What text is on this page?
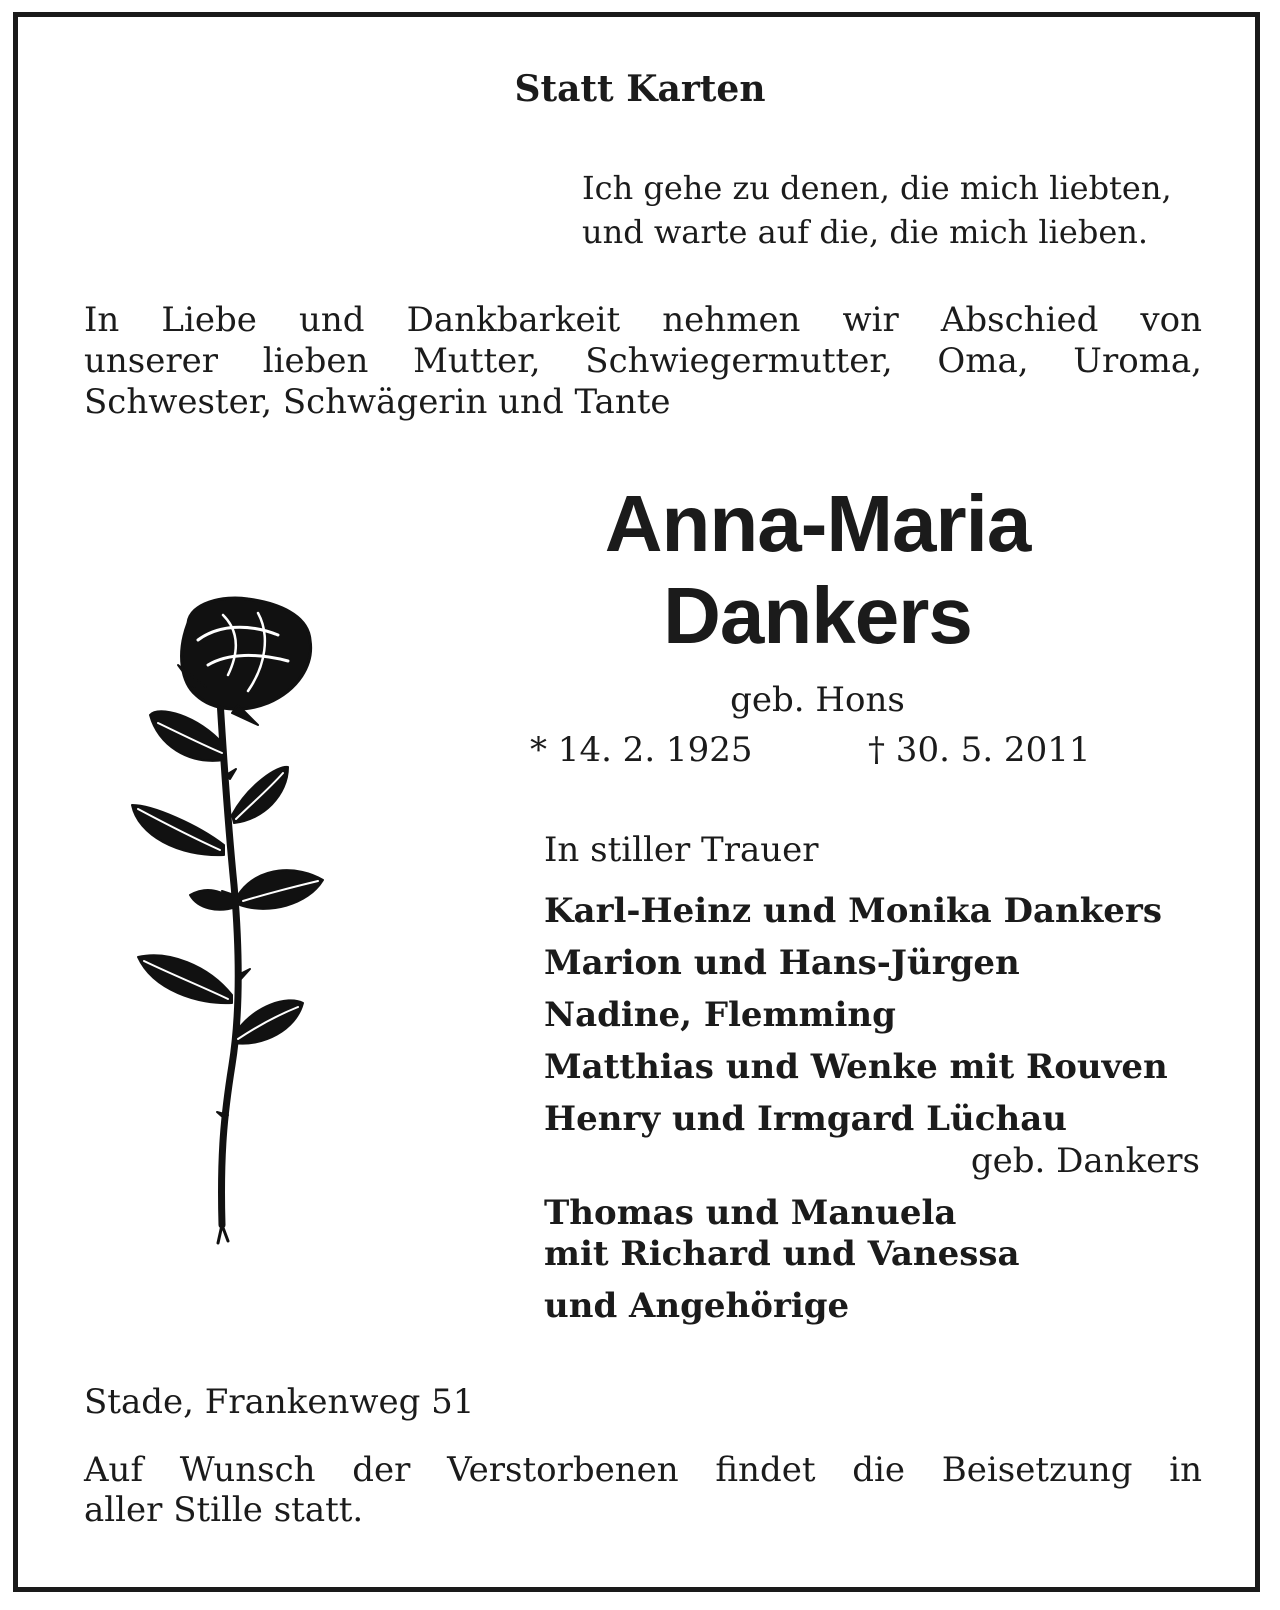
Statt Karten
Ich gehe zu denen, die mich liebten,
und warte auf die, die mich lieben.
In Liebe und Dankbarkeit nehmen wir Abschied von
unserer lieben Mutter, Schwiegermutter, Oma, Uroma,
Schwester, Schwägerin und Tante
Anna-Maria
Dankers
geb. Hons
* 14. 2. 1925	† 30. 5. 2011
In stiller Trauer
Karl-Heinz und Monika Dankers
Marion und Hans-Jürgen
Nadine, Flemming
Matthias und Wenke mit Rouven
Henry und Irmgard Lüchau
geb. Dankers
Thomas und Manuela
mit Richard und Vanessa
und Angehörige
Stade, Frankenweg 51
Auf Wunsch der Verstorbenen findet die Beisetzung in
aller Stille statt.
